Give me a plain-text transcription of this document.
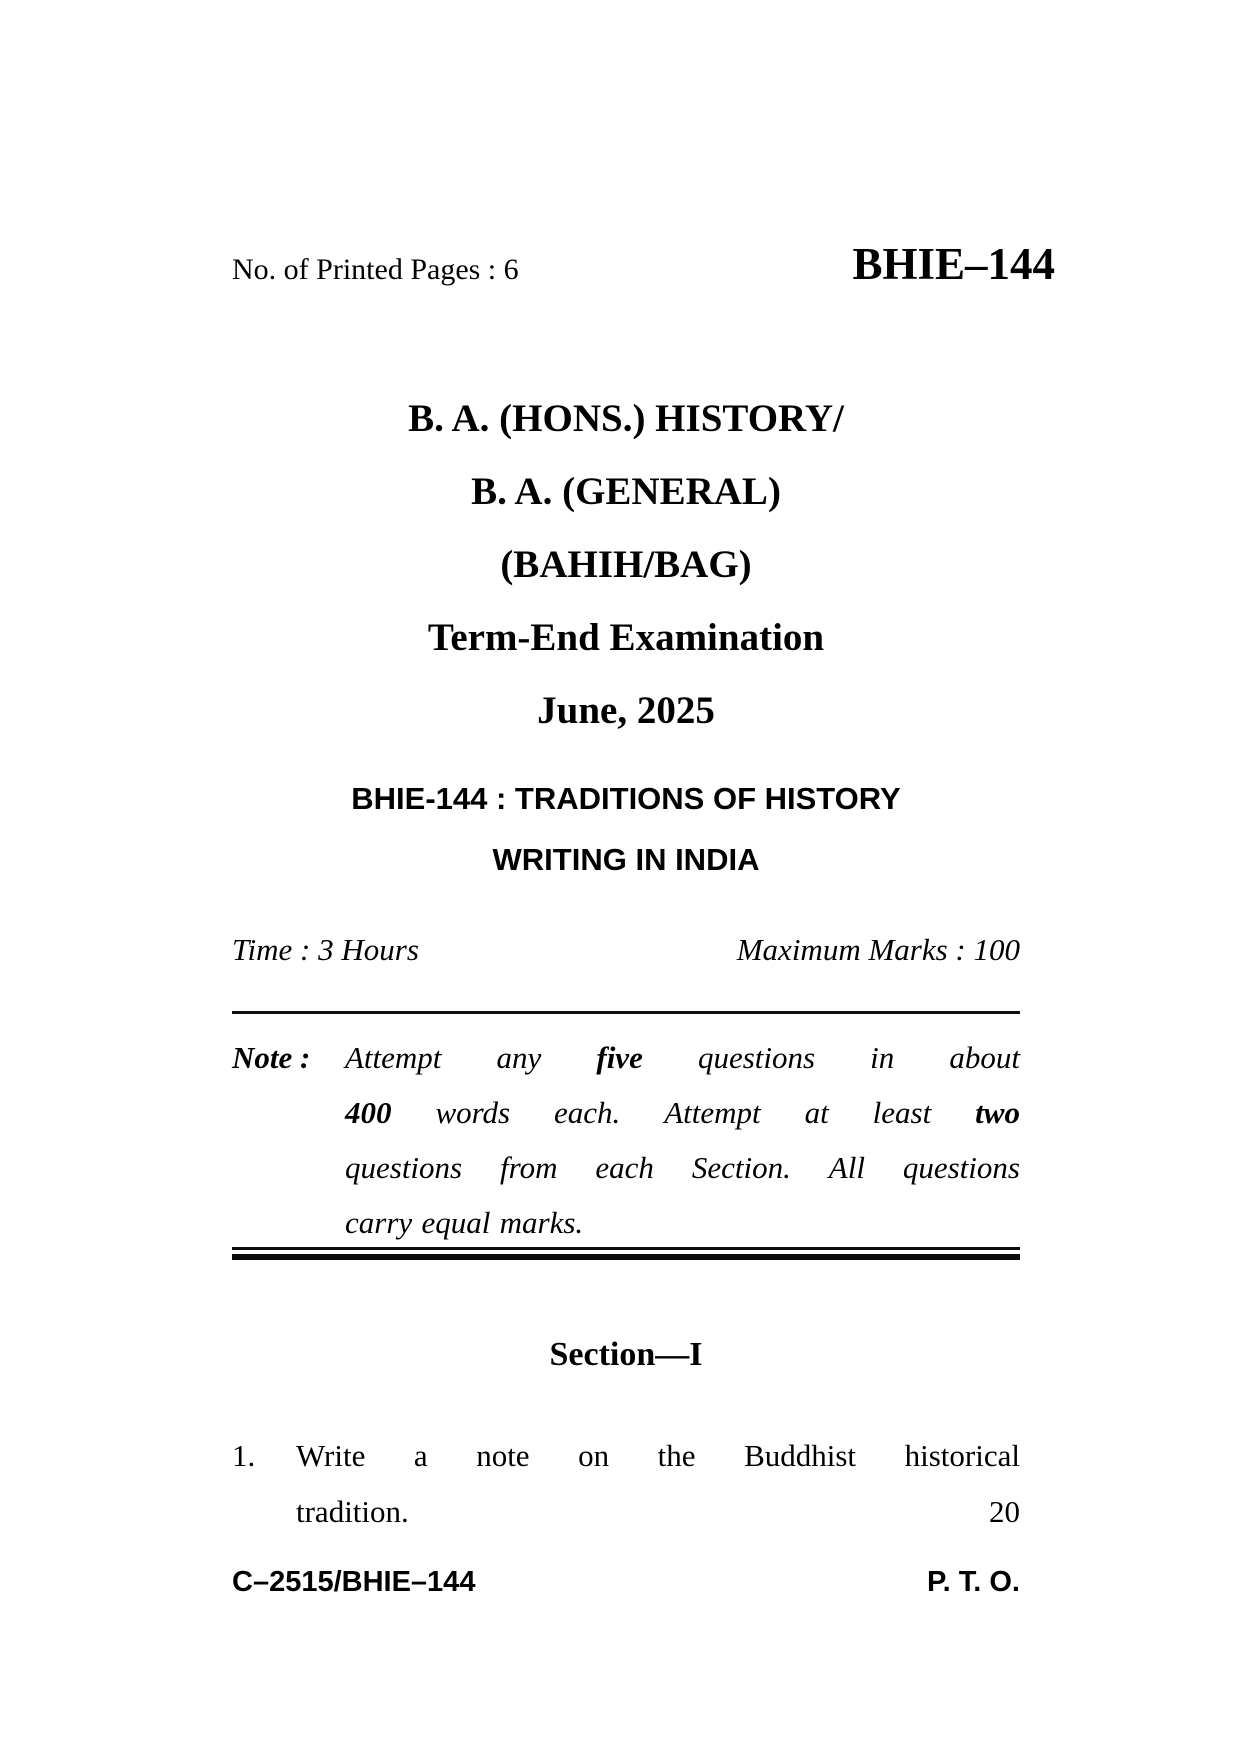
No. of Printed Pages : 6	BHIE–144
B. A. (HONS.) HISTORY/
B. A. (GENERAL)
(BAHIH/BAG)
Term-End Examination
June, 2025
BHIE-144 : TRADITIONS OF HISTORY
WRITING IN INDIA
Time : 3 Hours	Maximum Marks : 100
Note : Attempt any five questions in about
400 words each. Attempt at least two
questions from each Section. All questions
carry equal marks.
Section—I
1. Write a note on the Buddhist historical
tradition.	20
C–2515/BHIE–144	P. T. O.
